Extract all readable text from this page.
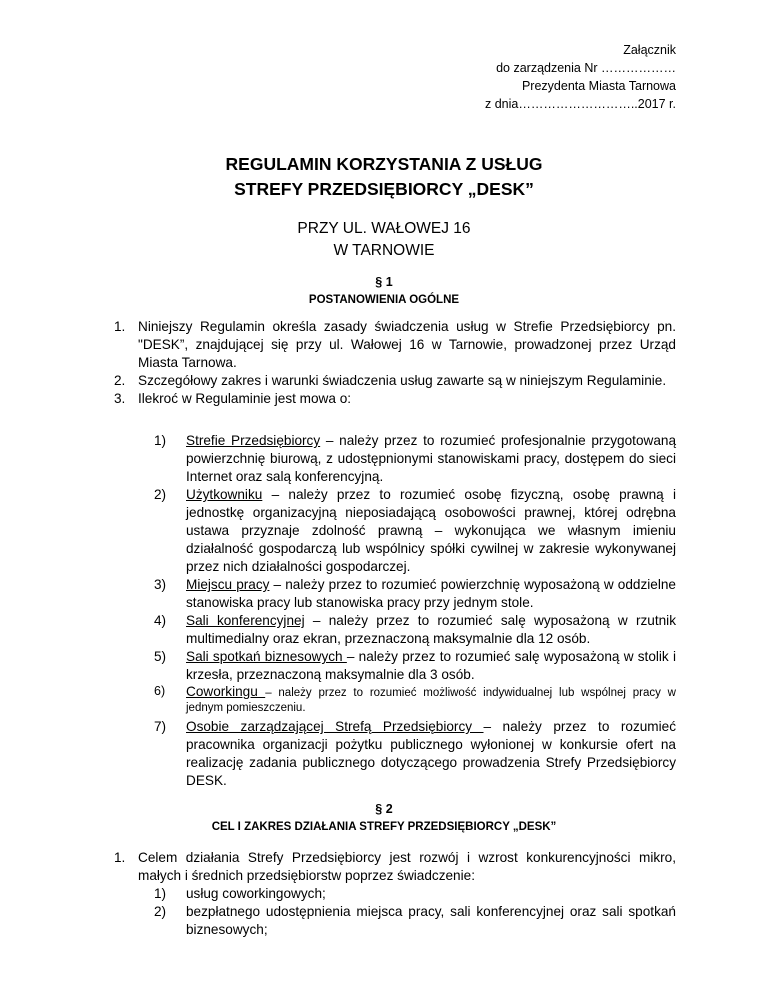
Załącznik
do zarządzenia Nr ………………
Prezydenta Miasta Tarnowa
z dnia………………………..2017 r.
REGULAMIN KORZYSTANIA Z USŁUG
STREFY PRZEDSIĘBIORCY „DESK”
PRZY UL. WAŁOWEJ 16
W TARNOWIE
§ 1
POSTANOWIENIA OGÓLNE
1. Niniejszy Regulamin określa zasady świadczenia usług w Strefie Przedsiębiorcy pn. "DESK”, znajdującej się przy ul. Wałowej 16 w Tarnowie, prowadzonej przez Urząd Miasta Tarnowa.
2. Szczegółowy zakres i warunki świadczenia usług zawarte są w niniejszym Regulaminie.
3. Ilekroć w Regulaminie jest mowa o:
1) Strefie Przedsiębiorcy – należy przez to rozumieć profesjonalnie przygotowaną powierzchnię biurową, z udostępnionymi stanowiskami pracy, dostępem do sieci Internet oraz salą konferencyjną.
2) Użytkowniku – należy przez to rozumieć osobę fizyczną, osobę prawną i jednostkę organizacyjną nieposiadającą osobowości prawnej, której odrębna ustawa przyznaje zdolność prawną – wykonująca we własnym imieniu działalność gospodarczą lub wspólnicy spółki cywilnej w zakresie wykonywanej przez nich działalności gospodarczej.
3) Miejscu pracy – należy przez to rozumieć powierzchnię wyposażoną w oddzielne stanowiska pracy lub stanowiska pracy przy jednym stole.
4) Sali konferencyjnej – należy przez to rozumieć salę wyposażoną w rzutnik multimedialny oraz ekran, przeznaczoną maksymalnie dla 12 osób.
5) Sali spotkań biznesowych – należy przez to rozumieć salę wyposażoną w stolik i krzesła, przeznaczoną maksymalnie dla 3 osób.
6) Coworkingu – należy przez to rozumieć możliwość indywidualnej lub wspólnej pracy w jednym pomieszczeniu.
7) Osobie zarządzającej Strefą Przedsiębiorcy – należy przez to rozumieć pracownika organizacji pożytku publicznego wyłonionej w konkursie ofert na realizację zadania publicznego dotyczącego prowadzenia Strefy Przedsiębiorcy DESK.
§ 2
CEL I ZAKRES DZIAŁANIA STREFY PRZEDSIĘBIORCY „DESK”
1. Celem działania Strefy Przedsiębiorcy jest rozwój i wzrost konkurencyjności mikro, małych i średnich przedsiębiorstw poprzez świadczenie:
1) usług coworkingowych;
2) bezpłatnego udostępnienia miejsca pracy, sali konferencyjnej oraz sali spotkań biznesowych;
